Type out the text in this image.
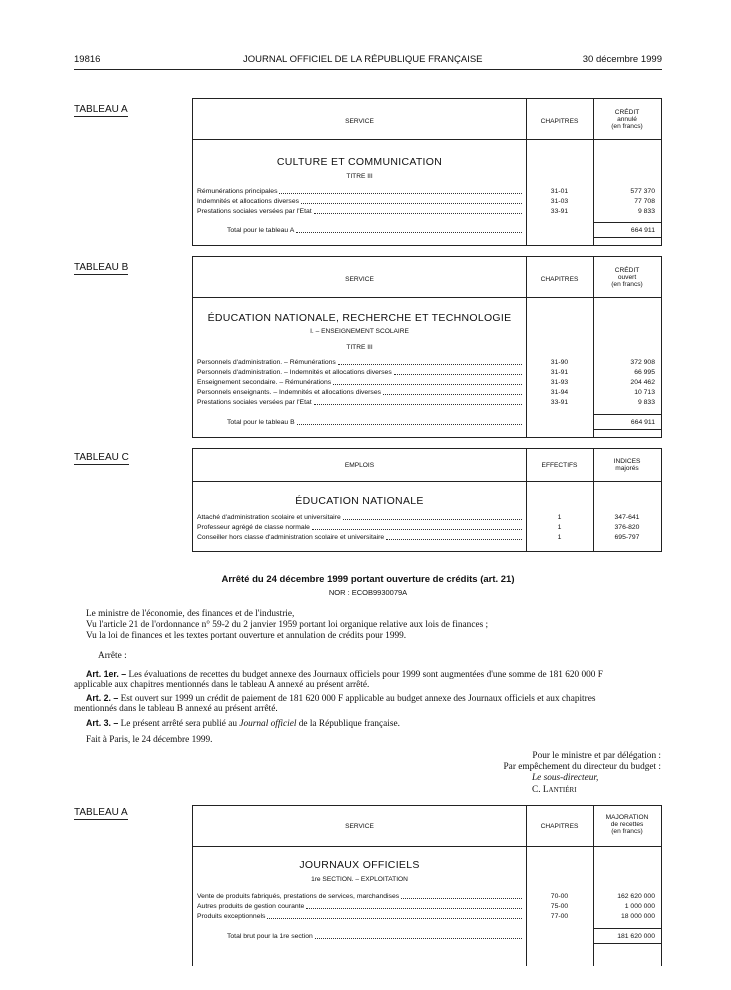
19816	JOURNAL OFFICIEL DE LA RÉPUBLIQUE FRANÇAISE	30 décembre 1999
TABLEAU A
SERVICE	CHAPITRES
CRÉDIT
annulé
(en francs)
CULTURE ET COMMUNICATION
TITRE III
Rémunérations principales	31-01	577 370
Indemnités et allocations diverses	31-03	77 708
Prestations sociales versées par l'Etat	33-91	9 833
Total pour le tableau A	664 911
TABLEAU B
SERVICE	CHAPITRES
CRÉDIT
ouvert
(en francs)
ÉDUCATION NATIONALE, RECHERCHE ET TECHNOLOGIE
I. – ENSEIGNEMENT SCOLAIRE
TITRE III
Personnels d'administration. – Rémunérations	31-90	372 908
Personnels d'administration. – Indemnités et allocations diverses	31-91	66 995
Enseignement secondaire. – Rémunérations	31-93	204 462
Personnels enseignants. – Indemnités et allocations diverses	31-94	10 713
Prestations sociales versées par l'Etat	33-91	9 833
Total pour le tableau B	664 911
TABLEAU C
EMPLOIS	EFFECTIFS
INDICES
majorés
ÉDUCATION NATIONALE
Attaché d'administration scolaire et universitaire	1	347-641
Professeur agrégé de classe normale	1	376-820
Conseiller hors classe d'administration scolaire et universitaire	1	695-797
Arrêté du 24 décembre 1999 portant ouverture de crédits (art. 21)
NOR : ECOB9930079A
Le ministre de l'économie, des finances et de l'industrie,
Vu l'article 21 de l'ordonnance n° 59-2 du 2 janvier 1959 portant loi organique relative aux lois de finances ;
Vu la loi de finances et les textes portant ouverture et annulation de crédits pour 1999.
Arrête :
Art. 1er. – Les évaluations de recettes du budget annexe des Journaux officiels pour 1999 sont augmentées d'une somme de 181 620 000 F
applicable aux chapitres mentionnés dans le tableau A annexé au présent arrêté.
Art. 2. – Est ouvert sur 1999 un crédit de paiement de 181 620 000 F applicable au budget annexe des Journaux officiels et aux chapitres
mentionnés dans le tableau B annexé au présent arrêté.
Art. 3. – Le présent arrêté sera publié au Journal officiel de la République française.
Fait à Paris, le 24 décembre 1999.
Pour le ministre et par délégation :
Par empêchement du directeur du budget :
Le sous-directeur,
C. Lantiéri
TABLEAU A
SERVICE	CHAPITRES
MAJORATION
de recettes
(en francs)
JOURNAUX OFFICIELS
1re SECTION. – EXPLOITATION
Vente de produits fabriqués, prestations de services, marchandises	70-00	162 620 000
Autres produits de gestion courante	75-00	1 000 000
Produits exceptionnels	77-00	18 000 000
Total brut pour la 1re section	181 620 000
